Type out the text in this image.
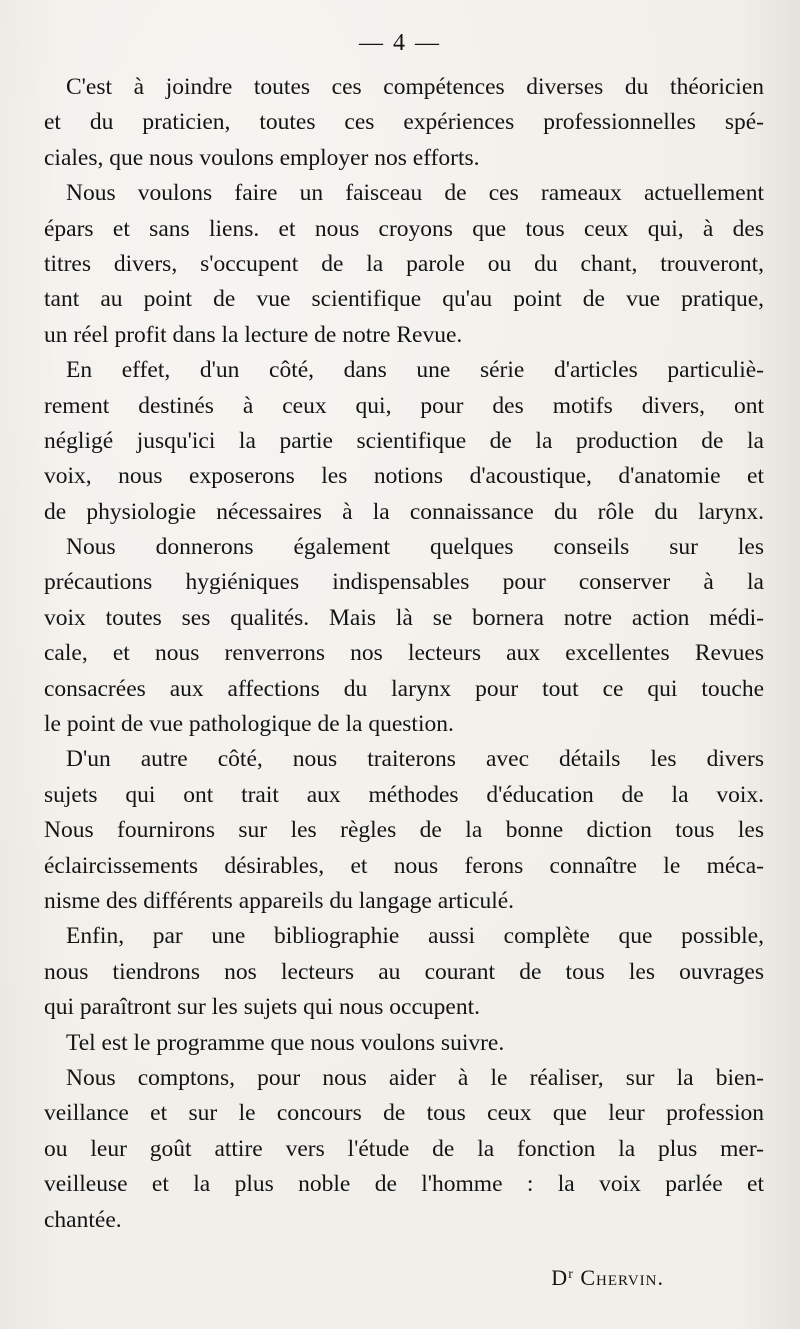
— 4 —
C'est à joindre toutes ces compétences diverses du théoricien
et du praticien, toutes ces expériences professionnelles spé-
ciales, que nous voulons employer nos efforts.
Nous voulons faire un faisceau de ces rameaux actuellement
épars et sans liens. et nous croyons que tous ceux qui, à des
titres divers, s'occupent de la parole ou du chant, trouveront,
tant au point de vue scientifique qu'au point de vue pratique,
un réel profit dans la lecture de notre Revue.
En effet, d'un côté, dans une série d'articles particuliè-
rement destinés à ceux qui, pour des motifs divers, ont
négligé jusqu'ici la partie scientifique de la production de la
voix, nous exposerons les notions d'acoustique, d'anatomie et
de physiologie nécessaires à la connaissance du rôle du larynx.
Nous donnerons également quelques conseils sur les
précautions hygiéniques indispensables pour conserver à la
voix toutes ses qualités. Mais là se bornera notre action médi-
cale, et nous renverrons nos lecteurs aux excellentes Revues
consacrées aux affections du larynx pour tout ce qui touche
le point de vue pathologique de la question.
D'un autre côté, nous traiterons avec détails les divers
sujets qui ont trait aux méthodes d'éducation de la voix.
Nous fournirons sur les règles de la bonne diction tous les
éclaircissements désirables, et nous ferons connaître le méca-
nisme des différents appareils du langage articulé.
Enfin, par une bibliographie aussi complète que possible,
nous tiendrons nos lecteurs au courant de tous les ouvrages
qui paraîtront sur les sujets qui nous occupent.
Tel est le programme que nous voulons suivre.
Nous comptons, pour nous aider à le réaliser, sur la bien-
veillance et sur le concours de tous ceux que leur profession
ou leur goût attire vers l'étude de la fonction la plus mer-
veilleuse et la plus noble de l'homme : la voix parlée et
chantée.
$D^r$ Chervin.
